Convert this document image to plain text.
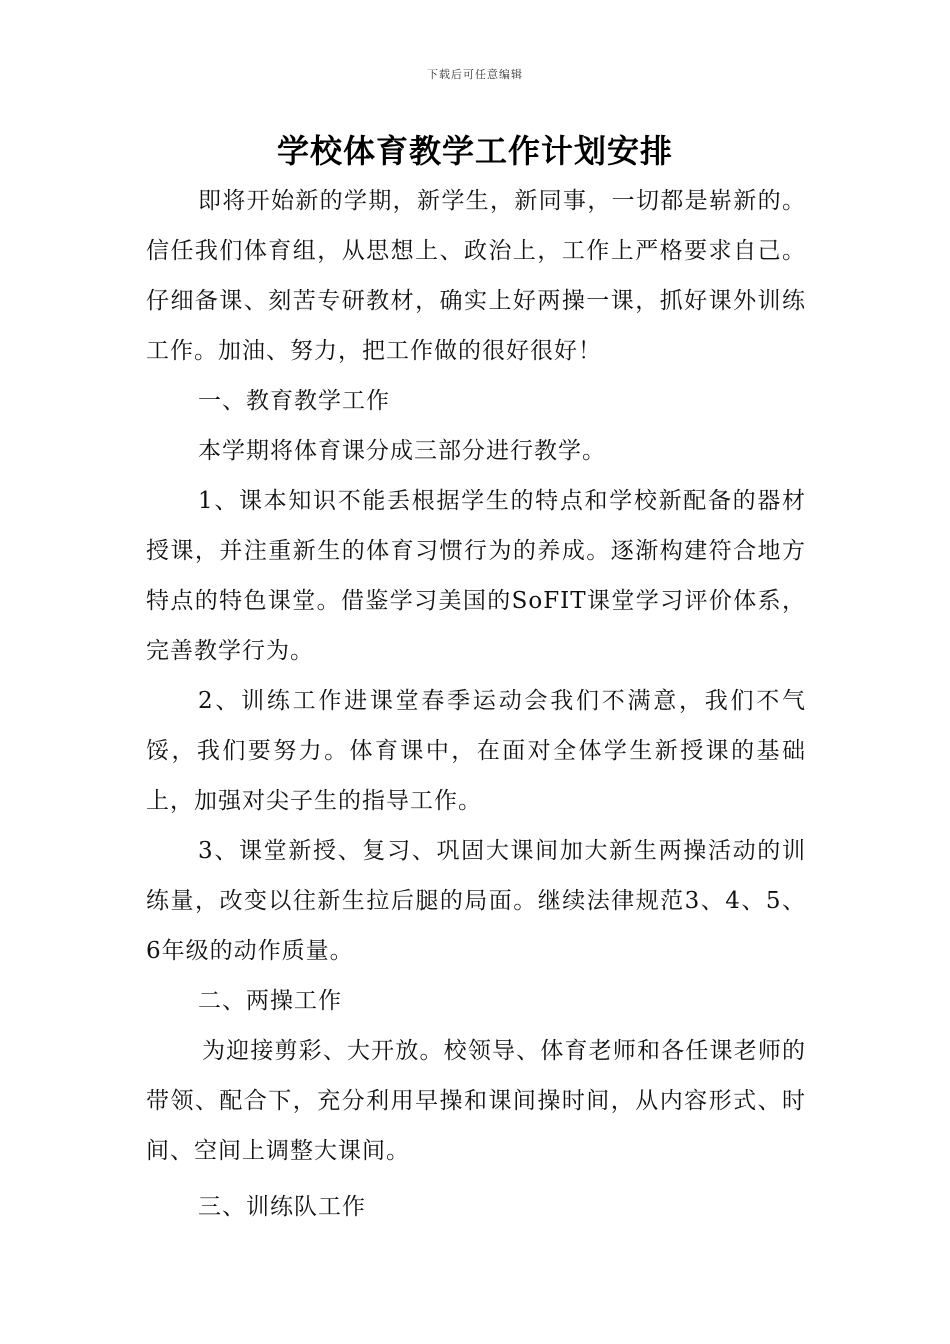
下载后可任意编辑
学校体育教学工作计划安排

即将开始新的学期，新学生，新同事，一切都是崭新的。信任我们体育组，从思想上、政治上，工作上严格要求自己。仔细备课、刻苦专研教材，确实上好两操一课，抓好课外训练工作。加油、努力，把工作做的很好很好！

一、教育教学工作

本学期将体育课分成三部分进行教学。

1、课本知识不能丢根据学生的特点和学校新配备的器材授课，并注重新生的体育习惯行为的养成。逐渐构建符合地方特点的特色课堂。借鉴学习美国的SoFIT课堂学习评价体系，完善教学行为。

2、训练工作进课堂春季运动会我们不满意，我们不气馁，我们要努力。体育课中，在面对全体学生新授课的基础上，加强对尖子生的指导工作。

3、课堂新授、复习、巩固大课间加大新生两操活动的训练量，改变以往新生拉后腿的局面。继续法律规范3、4、5、6年级的动作质量。

二、两操工作

为迎接剪彩、大开放。校领导、体育老师和各任课老师的带领、配合下，充分利用早操和课间操时间，从内容形式、时间、空间上调整大课间。

三、训练队工作
